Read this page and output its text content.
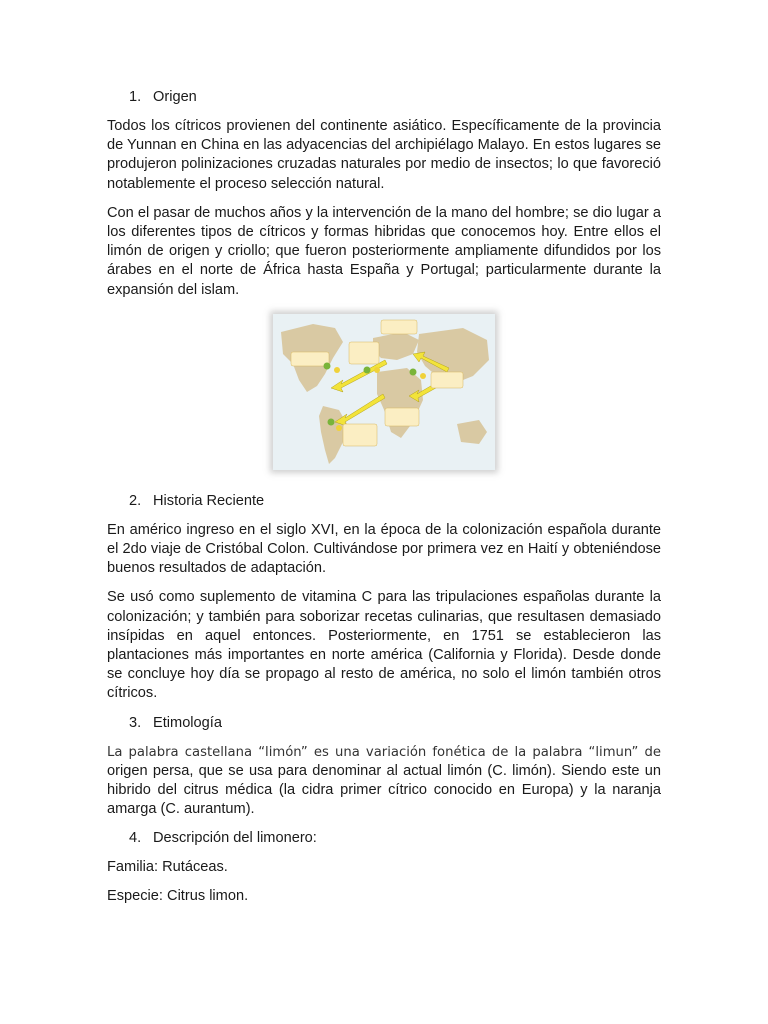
1. Origen

Todos los cítricos provienen del continente asiático. Específicamente de la provincia de Yunnan en China en las adyacencias del archipiélago Malayo. En estos lugares se produjeron polinizaciones cruzadas naturales por medio de insectos; lo que favoreció notablemente el proceso selección natural.

Con el pasar de muchos años y la intervención de la mano del hombre; se dio lugar a los diferentes tipos de cítricos y formas hibridas que conocemos hoy. Entre ellos el limón de origen y criollo; que fueron posteriormente ampliamente difundidos por los árabes en el norte de África hasta España y Portugal; particularmente durante la expansión del islam.

2. Historia Reciente

En américo ingreso en el siglo XVI, en la época de la colonización española durante el 2do viaje de Cristóbal Colon. Cultivándose por primera vez en Haití y obteniéndose buenos resultados de adaptación.

Se usó como suplemento de vitamina C para las tripulaciones españolas durante la colonización; y también para soborizar recetas culinarias, que resultasen demasiado insípidas en aquel entonces. Posteriormente, en 1751 se establecieron las plantaciones más importantes en norte américa (California y Florida). Desde donde se concluye hoy día se propago al resto de américa, no solo el limón también otros cítricos.

3. Etimología

La palabra castellana “limón” es una variación fonética de la palabra “limun” de origen persa, que se usa para denominar al actual limón (C. limón). Siendo este un hibrido del citrus médica (la cidra primer cítrico conocido en Europa) y la naranja amarga (C. aurantum).

4. Descripción del limonero:
Familia: Rutáceas.
Especie: Citrus limon.
